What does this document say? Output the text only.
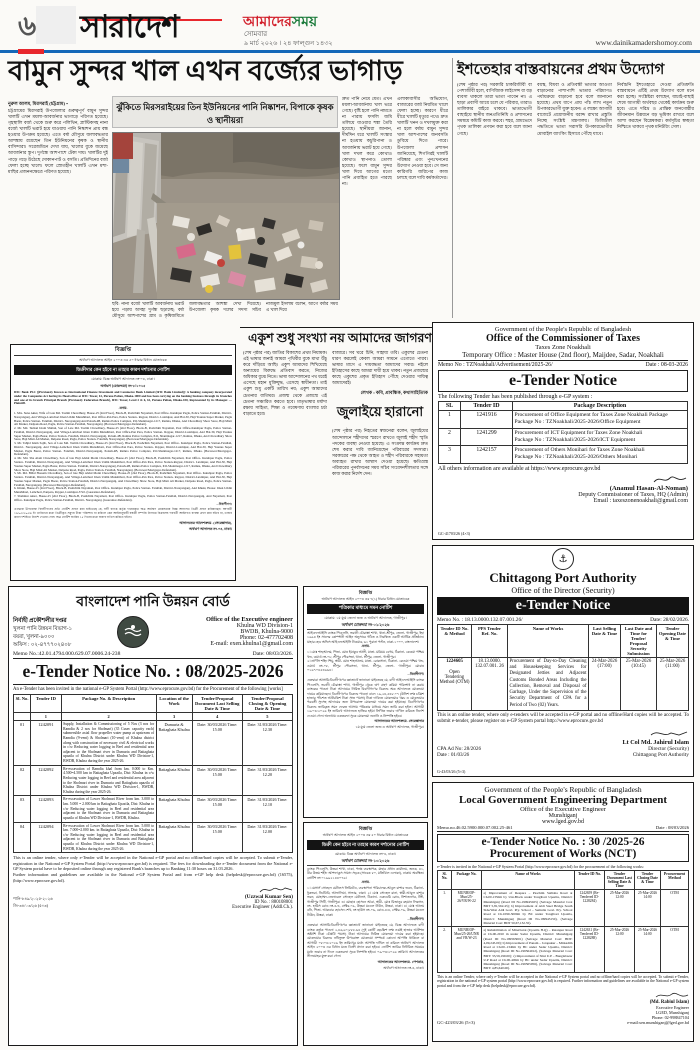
৬	সারাদেশ	আমাদেরসময়
সোমবার
৯ মার্চ ২০২৬ । ২৪ ফাল্গুন ১৪৩২	www.dainikamadershomoy.com
বামুন সুন্দর খাল এখন বর্জ্যের ভাগাড়
নুরুল আলম, মিরসরাই (চট্টগ্রাম) •
চট্টগ্রামের মিরসরাই উপজেলার গুরুত্বপূর্ণ বামুন সুন্দর খালটি এখন ময়লা-আবর্জনার ভাগাড়ে পরিণত হয়েছে। গৃহস্থালি বর্জ্য থেকে শুরু করে পলিথিন, প্লাস্টিকসহ নানা বর্জ্যে খালটি ভরাট হয়ে যাওয়ায় পানি নিষ্কাশন প্রায় বন্ধ হওয়ার উপক্রম হয়েছে। এতে বর্ষা মৌসুমে জলাবদ্ধতার আশঙ্কায় রয়েছেন তিন ইউনিয়নের কৃষক ও স্থানীয় বাসিন্দারা। সরেজমিনে দেখা যায়, খালের বুকে জমেছে আবর্জনার স্তূপ। দুর্গন্ধে আশপাশে টেকা দায়। খালটির দুই পাড়ে গড়ে উঠেছে দোকানপাট ও বসতি। প্রতিদিনের বর্জ্য ফেলা হচ্ছে খালে। ফলে স্রোতহীন খালটি এখন মশা-মাছির প্রজননক্ষেত্রে পরিণত হয়েছে।
ঝুঁকিতে মিরসরাইয়ের তিন ইউনিয়নের পানি নিষ্কাশন, বিপাকে কৃষক ও স্থানীয়রা
ছবি: নানা বর্জ্যে খালটি আবর্জনায় ভরাট হয়ে পড়ায় অসহ্য দুর্গন্ধ ছড়াচ্ছে; বর্ষা মৌসুমে আশপাশের গ্রাম ও কৃষিজমিতে জলাবদ্ধতার আশঙ্কা দেখা দিয়েছে। উপজেলা কৃষক দলের সদস্য সচিব নাজমুল ইসলাম বলেন, আগে বর্ষার সময় এ খাল দিয়ে
দ্রুত পানি নেমে যেত। এখন ময়লা-আবর্জনায় খাল ভরে গেছে। বৃষ্টি হলে পানি নামতে না পারায় ফসলি জমি তলিয়ে যাওয়ার শঙ্কা তৈরি হয়েছে। স্থানীয়রা জানান, দীর্ঘদিন ধরে খালটি সংস্কার না হওয়ায় কচুরিপানা ও আবর্জনায় ভরাট হয়ে গেছে। খাল দখল করে কোথাও কোথাও স্থাপনাও তোলা হয়েছে। ফলে বামুন সুন্দর খাল দিয়ে আগের মতো পানি প্রবাহিত হতে পারছে না।
এলাকাবাসীর অভিযোগ, বাজারের বর্জ্য নিয়মিত খালে ফেলা হচ্ছে। কারণে ধীরে ধীরে খালটি মৃত্যুর পথে। দ্রুত খালটি খনন ও দখলমুক্ত করা না হলে বর্ষায় বামুন সুন্দর খাল আশপাশের জনবসতি ডুবিয়ে দিতে পারে। উপজেলা প্রশাসন জানিয়েছে, শিগগিরই খালটি পরিষ্কার এবং পুনঃখননের উদ্যোগ নেওয়া হবে। সে জন্য কারিগরি জরিপের কাজ চলছে বলে দাবি কর্মকর্তাদের।
ইশতেহার বাস্তবায়নের প্রথম উদ্যোগ
(শেষ পৃষ্ঠার পর) সরকারি চাকরিজীবী বা পেশাজীবী হলে, বাণিজ্যিক লাইসেন্স বা বড় ব্যবসা থাকলে তারা ভাতা পাবেন না। এ ছাড়া প্রবাসী আয়ে চলে যে পরিবার, তারাও তালিকার বাইরে থাকবে। ভাতাভোগী বাছাইয়ে স্থানীয় জনপ্রতিনিধি ও প্রশাসনের সমন্বয়ে কমিটি কাজ করবে। শহর, গ্রামভেদে পৃথক তালিকা প্রণয়ন করা হবে বলে জানা গেছে।
বয়স্ক, বিধবা ও প্রতিবন্ধী ভাতার আওতা বাড়ানোর পাশাপাশি ভাতার পরিমাণও পর্যায়ক্রমে বাড়ানো হবে বলে জানানো হয়েছে। প্রথম ধাপে প্রায় পাঁচ লাখ নতুন উপকারভোগী যুক্ত হবেন। এ লক্ষ্যে আগামী বাজেটে প্রয়োজনীয় বরাদ্দ রাখার প্রস্তুতি নিচ্ছে সংশ্লিষ্ট মন্ত্রণালয়। ডিজিটাল পদ্ধতিতে ভাতা সরাসরি উপকারভোগীর মোবাইল ব্যাংকিং হিসাবে পৌঁছে যাবে।
নির্বাচনি ইশতেহারে দেওয়া প্রতিশ্রুতি বাস্তবায়নে এটিই প্রথম উদ্যোগ বলে মনে করা হচ্ছে। সংশ্লিষ্টরা বলছেন, যাচাই-বাছাই শেষে আগামী অর্থবছর থেকেই কার্যক্রম শুরু হবে। এতে দরিদ্র ও প্রান্তিক জনগোষ্ঠীর জীবনমান উন্নয়নে বড় ভূমিকা রাখবে বলে আশা করছেন বিশ্লেষকরা। কর্মসূচির স্বচ্ছতা নিশ্চিতে থাকবে পৃথক মনিটরিং সেল।
একুশ শুধু সংখ্যা নয় আমাদের জাগরণ
(শেষ পৃষ্ঠার পর) জাতির বিকাশের প্রথম নিয়ামক। এই ভাষার জন্যই আমরা পৃথিবীর বুকে মাথা উঁচু করে দাঁড়িয়ে আছি। একুশ আমাদের শিখিয়েছে অন্যায়ের বিরুদ্ধে প্রতিবাদ করতে, নিজের অধিকার বুঝে নিতে। ভাষা আন্দোলনের পথ ধরেই এসেছে মহান মুক্তিযুদ্ধ, এসেছে স্বাধীনতা। তাই একুশ শুধু একটি তারিখ নয়; একুশ আমাদের চেতনার বাতিঘর। প্রজন্ম থেকে প্রজন্মে এই চেতনা সঞ্চারিত করতে হবে। মাতৃভাষার মর্যাদা রক্ষায় সাহিত্য, শিক্ষা ও গবেষণায় বাংলার চর্চা বাড়াতে হবে।
বাজারে। সব ঘরে চিনি, সাহায্য তবি। একুশের চেতনা ধারণ করলেই কেবল আমরা সামনে এগোতে পারব। ভাষার মাসে এ দায়বদ্ধতা আমাদের সবার। নইলে ইতিহাসের কাছে আমরা দায়ী হয়ে থাকব। নতুন প্রজন্মের কাছে একুশের প্রকৃত ইতিহাস পৌঁছে দেওয়ার দায়িত্ব আমাদেরই।
লেখক : কবি, প্রাবন্ধিক, কথাসাহিত্যিক
জুলাইয়ে হারানো
(শেষ পৃষ্ঠার পর) নিহতের স্বজনেরা বলেন, জুলাইয়ের আন্দোলনে শহীদদের স্মরণে রাখতে জুলাই শহীদ স্মৃতি পদকের ব্যবস্থা নেওয়া হয়েছে। এ সংক্রান্ত কার্যক্রম দ্রুত শেষ করার দাবি জানিয়েছেন পরিবারের সদস্যরা। সরকারের পক্ষ থেকে আহত ও শহীদ পরিবারকে সহায়তা অব্যাহত রাখার আশ্বাস দেওয়া হয়েছে। ক্ষতিগ্রস্ত পরিবারের পুনর্বাসনের সময় সচিব সংবেদনশীলতার সঙ্গে কাজ করার নির্দেশ দেন।
বিজ্ঞপ্তি
অর্থঋণ আদালত আইন ২০০৩ এর ৫০ ধারার বিধান মোতাবেক
ডিক্রীদার কেন হইবে না তাহার কারণ দর্শানোর নোটিশ
মোকাম: বিজ্ঞ অর্থঋণ আদালত নং-০৪, ঢাকা।
অর্থঋণ (মোকদ্দমা) নং-৮/২০২৫
IFIC Bank PLC [(Previously Known as International Finance Investment and Commerce Bank Limited (IFIC Bank Limited)]: A banking company incorporated under the Companies Act having its Head office at IFIC Tower, 61, Purana Paltan, Dhaka-1000 and has been carrying on the banking business through its branches and one of its branch Principal Branch (Previously Federation Branch), IFIC Tower, Level 2 & 6, 61, Purana Paltan, Dhaka-100, Represented by its Manager. —Plaintiff.
-বনাম-
1. Mrs. Suna Akter, Wife of Late Md. Taslim Chowdhury, House-25 (2nd Floor), Block-B, Poshchim Nayamati, Post Office- Kutubpur Pagla, Police Station-Fatullah, District- Narayanganj, And Village-Lamchori Iman Uddin Munshibari, Post Office-Pan Para, Police Station- Raypur, District- Luxmipur, And Hal-30, Haji Younus Super Market, Pagla Bazar, Police Station- Fatullah, District- Narayanganj And Polash-4B, Ramna Police Complex, P.O-Shantinagar-1217, Ramna, Dhaka, And Chowdhury Show Store, Haji Misir Ali Market, Delpana Road, Pagla, Police Station-Fatullah, Narayanganj. (Borrower/Mortgagor-Defendant).
2. Mr. Md. Tarikul Islam Shimul, Son of Late Md. Taslim Chowdhury, House-25 (2nd Floor), Block-B, Poshchim Nayamati, Post Office-Kutubpur Pagla, Police Station- Fatullah, District-Narayanganj, And Village-Lamchori Iman Uddin Munshibari, Post Office-Pan Para, Police Station- Raypur, District-Luxmipur, And Hal-30, Haji Younus Super Market, Pagla Bazar, Police Station- Fatullah, District-Narayanganj, Polash-4B, Ramna Police Complex, P.O- Shantinagar-1217, Ramna, Dhaka, And Chowdhury Show Store, Haji Misir Ali Market, Delpana Road, Pagla, Police Station- Fatullah, Narayanganj. (Borrower/Mortgagor-Defendant).
3. Mr. Tahjid Islam Sajib, Son of Late Md. Taslim Chowdhury, House-25 (2nd Floor), Block-B, Poshchim Nayamati, Post Office- Kutubpur Pagla, Police Station-Fatullah, District- Narayanganj, And Village-Lamchori Iman Uddin Munshibari, Post Office-Pan Para, Police Station- Raypur, District-Luxmipur, And Hal-30, Haji Younus Super Market, Pagla Bazar, Police Station- Fatullah, District-Narayanganj, Polash-4B, Ramna Police Complex, P.O-Shantinagar-1217, Ramna, Dhaka. (Borrower/Mortgagor-Defendant).
4. Mr. Md. Sha Alam Chowdhury, Son of late Haji Abdul Motin Chowdhury, House-25 (2nd Floor), Block-B, Poshchim Nayamati, Post Office- Kutubpur Pagla, Police Station- Fatullah, District-Narayanganj, And Village-Lamchori Iman Uddin Munshibari, Post Office-Pan Para, Police Station-Raypur, District- Luxmipur, And Hal-30, Haji Younus Super Market, Pagla Bazar, Police Station- Fatullah, District-Narayanganj, Polash-4B, Ramna Police Complex, P.O-Shantinagar-1217, Ramna, Dhaka, And Chowdhury Show Store, Haji Misir Ali Market, Delpana Road, Pagla, Police Station- Fatullah, Narayanganj. (Borrower/Mortgagor-Defendant).
5. Mr. Md. Billal Hossain Chowdhury, Son of late Haji Abdul Motin Chowdhury, House-25 (2nd Floor), Block-B, Poshchim Nayamati, Post Office- Kutubpur Pagla, Police Station- Fatullah, District-Narayanganj, And Village-Lamchori Iman Uddin Munshibari, Post Office-Pan Para, Police Station- Raypur, District-Luxmipur, And Hal-30, Haji Younus Super Market, Pagla Bazar, Police Station-Fatullah, District-Narayanganj, And Chowdhury Show Store, Haji Misir Ali Market, Delpana Road, Pagla, Police Station- Fatullah, Narayanganj. (Borrower/Mortgagor-Defendant).
6. Khuki, House-25 (2nd Floor), Block-B, Poshchim Nayamati, Post Office- Kutubpur Pagla, Police Station- Fatullah, District-Narayanganj, And Khuki, House: Iman Uddin Munshibari, Lamchori, Panpara, Raypur, Luxmipur-3722. (Guarantor-Defendant).
7. Shahinur Akter, House-25 (2nd Floor), Block-B, Poshchim Nayamati, Post Office- Kutubpur Pagla, Police Station-Fatullah, District-Narayanganj, And Nayamati, Post Office- Kutubpur Pagla, Police Station-Fatullah, District- Narayanganj. (Guarantor-Defendant).
...বিবাদীগণ।
এতদ্বারা উপরোক্ত বিবাদীগণের প্রতি নোটিশ প্রদান করা যাইতেছে যে, বাদী ব্যাংক কর্তৃক দায়েরকৃত অত্র অর্থঋণ মোকদ্দমায় বিজ্ঞ আদালত ডিক্রী প্রদান করিয়াছেন। আগামী ১৯/০৩/২০২৬ ইং তারিখের মধ্যে ডিক্রীকৃত সমুদয় টাকা পরিশোধ না করিলে কেন আইনানুযায়ী বন্ধকী সম্পত্তি নিলামে বিক্রয়সহ পরবর্তী আইনগত ব্যবস্থা গ্রহণ করা হইবে না, তাহার কারণ দর্শাইতে নির্দেশ দেওয়া গেল। অত্র নোটিশ জারির ১৫ দিনের মধ্যে জবাব দাখিল করিতে হইবে।
আদালতের আদেশক্রমে- (সেরেস্তাদার),
অর্থঋণ আদালত নং-০৪, ঢাকা।
বাংলাদেশ পানি উন্নয়ন বোর্ড
নির্বাহী প্রকৌশলীর দপ্তর
খুলনা পানি উন্নয়ন বিভাগ-১
বয়রা, খুলনা-৯০০০
অফিস : ০২-৪৭৭৭০২৪০৮
Office of the Executive engineer
Khulna WD Division-1
BWDB, Khulna-9000
Phone: 02-477702408
E-mail: exen.khulna1@gmail.com
Memo No.:42.01.4794.000.629.07.0006.24-238	Date: 08/03/2026.
e-Tender Notice No. : 08/2025-2026
An e-Tender has been invited in the national e-GP System Portal (http://www.eprocure.gov.bd) for the Procurement of the following [works]
Sl. No.	Tender ID	Package No. & Description	Location of the Work	Tender/Proposal Document Last Selling Date & Time	Tender/Proposal Closing & Opening Date & Time
	1	2	3	4	5
01	1242091	Supply, Installation & Commissioning of 5 Nos (3 nos for Ramdia & 2 nos for Sholmari) (35 Cusec capacity each) submersible axial flow propeller water pump at upstream of Ramdia (9-vent) & Sholmari (10-vent) of Khulna district along with construction of necessary civil & electrical works in c/w Reducing water logging in Beel and residential area adjacent to the Sholmari river in Dumuria and Batiaghata upazila of Khulna District under Khulna WD Division-1, BWDB, Khulna during the year 2025-26.	Dumuria & Batiaghata Khulna	Date: 30/03/2026 Time: 15.00	Date: 31/03/2026 Time: 12.30
02	1242092	Re-excavation of Ramdia khal from km. 0.000 to Km. 4.500=4.500 km in Batiaghata Upazila, Dist: Khulna in c/w Reducing water logging in Beel and residential area adjacent to the Sholmari river in Dumuria and Batiaghata upazila of Khulna District under Khulna WD Division-1, BWDB, Khulna during the year 2025-26.	Batiaghata Khulna	Date: 30/03/2026 Time: 15.00	Date: 31/03/2026 Time: 12.20
03	1242093	Re-excavation of Lower Sholmari River from km. 3.000 to km. 5.000 = 2.000 km in Batiaghata Upazila, Dist: Khulna in c/w Reducing water logging in Beel and residential area adjacent to the Sholmari river in Dumuria and Batiaghata upazila of Khulna WD Division-1, BWDB, Khulna.	Batiaghata Khulna	Date: 30/03/2026 Time: 15.00	Date: 31/03/2026 Time: 12.10
04	1242094	Re-excavation of Lower Sholmari River from km. 5.000 to km. 7.000=2.000 km. in Batiaghata Upazila, Dist: Khulna in c/w Reducing water logging in Beel and residential area adjacent to the Sholmari river in Dumuria and Batiaghata upazila of Khulna District under Khulna WD Division-1, BWDB, Khulna during the year 2025-26.	Batiaghata Khulna	Date: 30/03/2026 Time: 15.00	Date: 31/03/2026 Time: 12.00
This is an online tender, where only e-Tender will be accepted in the National e-GP portal and no offline/hard copies will be accepted. To submit e-Tender, registration in the National e-GP System Portal (http://www.eprocure.gov.bd) is required. The fees for downloading the e-Tender document from the National e-GP System portal have to be deposited online through any registered Bank's branches up to Banking 11:30 hours on 31.03.2026.
Further information and guidelines are available in the National e-GP System Portal and from e-GP help desk (helpdesk@eprocure.gov.bd) (16575), (http://www.eprocure.gov.bd).
পানি-৮৪৯/২০২৫-২০২৬
জি-৩৪/০৩/২৬ (৫×৩)
(Uzzwal Kumar Sen)
ID No. : 880108001
Executive Engineer (Addl.Ch.).
বিজ্ঞপ্তি
অর্থঋণ আদালত আইন ২০০৩ এর ৭(১) ধারার বিধান মোতাবেক
পত্রিকার মাধ্যমে সমন নোটিশ
মোকাম: ১ম যুগ্ম জেলা জজ ও অর্থঋণ আদালত, গাজীপুর।
অর্থঋণ মোকদ্দমা নং-০১/২০২৬
আইএফআইসি ব্যাংক পিএলসি, ভবানী চৌরাস্তা শাখা, থানা-শ্রীপুর, জেলা- গাজীপুর, ইহা ১৯৯৪ ইং সালের কোম্পানী আইন অনুসারে গঠিত ও নিবন্ধিত একটি আর্থিক প্রতিষ্ঠান। যাহার হেড অফিস আইএফআইসি টাওয়ার, ৬১ পুরানা পল্টন, ঢাকা-১০০০, বাংলাদেশ।
-বনাম-
১। মোঃ শাহআলম, পিতা- মোঃ ইয়াকুব আলী, মাতা- মরিয়ম বেগম, ঠিকানা- কেওয়া পশ্চিম খন্ড, ওয়ার্ড নং-০৮, শ্রীপুর পৌরসভা, থানা- শ্রীপুর, জেলা- গাজীপুর।
২। নার্গিস শহিদ শিমু, স্বামী- মোঃ শাহআলম, মাতা- রোকসানা, ঠিকানা- কেওয়া পশ্চিম খন্ড, ওয়ার্ড নং-০৮, শ্রীপুর পৌরসভা, থানা- শ্রীপুর, জেলা- গাজীপুর। মোবাঃ ০১৬৭০৪৫৪৬৬৪।
...বিবাদীগণ।
এতদ্বারা আসামি/বিবাদীগণের জ্ঞাতার্থে জানানো যাইতেছে যে, বাদী আইএফআইসি ব্যাংক পিএলসি, ভবানী চৌরাস্তা শাখা, গাজীপুর থেকে ঋণ গ্রহণ করিয়া পরিশোধ না করায় ব্যাংকের পাওনা টাকা আদায়ের নিমিত্ত বিবাদীগণের বিরুদ্ধে অত্র আদালতে মোকদ্দমা দায়ের করিয়াছেন। বিবাদীগণের বিরুদ্ধে পাওনা বাবদ ১৯,২৪,৫৪৮.০৭ (উনিশ লক্ষ চব্বিশ হাজার পাঁচশত আটচল্লিশ টাকা সাত পয়সা) টাকা দাবিতে মোকদ্দমার খরচ ও মোকদ্দমার পরবর্তী সুদসহ আদায়ের জন্য উপরোক্ত মোকদ্দমা দায়ের করা হইয়াছে। বিবাদীগণের বিরুদ্ধে জারিকৃত সমন ফেরত আসায় পত্রিকার মাধ্যমে সমন জারি করা হইল। আগামী ১৯/০৪/২০২৬ ইং তারিখে আদালতে হাজির হইয়া লিখিত জবাব দাখিল করিতে নির্দেশ দেওয়া গেল। অন্যথায় একতরফা সূত্রে মোকদ্দমা শুনানি ও নিষ্পত্তি হইবে।
আদালতের আদেশক্রমে- সেরেস্তাদার
১ম যুগ্ম জেলা জজ ও অর্থঋণ আদালত, গাজীপুর।
বিজ্ঞপ্তি
অর্থঋণ আদালত আইন ২০০৩ এর ৫০ ধারার বিধান মোতাবেক
ডিক্রী কেন হইবে না তাহার কারণ দর্শানোর নোটিশ
মোকাম: বিজ্ঞ অর্থঋণ আদালত নং-৪, ঢাকা।
অর্থঋণ মোকদ্দমা নং-১০/২০২৬
ব্যাংক পিএলসি, উত্তরা শাখা, ঢাকা, পক্ষে ব্যবস্থাপক, যাহার প্রধান কার্যালয়, জনক, ৪১, বীর উত্তম শহীদ আশফাকুস সামাদ সড়ক (সাবেক ৮০, মতিঝিল এলাকা), ঢাকায় অবস্থিত। নোটিশ নং ০১৯৯২১৪৪০৭৬।
-বনাম-
১। মেসার্স সোহেল মেটালস লিমিটেড, ব্যবস্থাপনা পরিচালক-আবুল বাশার ভবন, ঠিকানা- ধুকভরা, নির্ববিবি, আফালিয়া, সাভার, ঢাকা। ২। মোঃ সোহেল রানা, স্বামী-আবুল বাশার ভবন, মোহাম্মদ-জেনারেল সোহেল মেটালস, ঠিকানা- একডেমি রোড, নিশাতনগর, টঙ্গী, গাজীপুর সিটি, গাজীপুর। ৩। মোছাঃ হোসনে আরা, স্বামী- মোঃ মিজানুর রহমান লিকসন, নং- হাউস রোড নং-৪/৪, সেক্টর-০৯, উত্তরা মডেল টাউন, উত্তরা, ঢাকা। ৪। মোঃ আলম বনি, পিতা- আকবার হোসেন শেখ, নং হাউস নং-০৬, রোড-৪/৪, সেক্টর-০৯, উত্তরা মডেল টাউন, উত্তরা, ঢাকা।
...বিবাদীগণ।
এতদ্বারা আসামি/বিবাদীগণের জ্ঞাতার্থে জানানো যাইতেছে যে, বিজ্ঞ আদালতে বাদী ব্যাংক কর্তৃক পাওনা ২,৪৬,৯০,৮৮৮.৬৪ (দুই কোটি ছেচল্লিশ লক্ষ নব্বই হাজার আটশত অষ্টাশি টাকা চৌষট্টি পয়সা) টাকা আদায়ের নিমিত্ত মোকদ্দমা দায়ের করা হইয়াছে। মোকদ্দমার বিরুদ্ধে নথিভুক্ত উপরোক্ত মোকদ্দমা সম্পর্কে কোনো আপত্তি থাকিলে বা আগামী ০৮/০৪/২০২৬ ইং তারিখের মধ্যে আপত্তি দাখিল না করিলে অর্থঋণ আদালত আইন ২০০৩ এর বিধান মতে ডিক্রী প্রদান করা হইবে। নোটিশ জারির নির্ধারিত সময়ের মধ্যে জবাব না দিলে একতরফা সূত্রে নিষ্পত্তি হইবে। ০৯/০৩/২০২৬ তারিখে আদালতের সীলমোহর যুক্ত করা গেল।
আদালতের আদেশক্রমে- পেশকার,
অর্থঋণ আদালত নং-৪, ঢাকা।
Government of the People's Republic of Bangladesh
Office of the Commissioner of Taxes
Taxes Zone Noakhali
Temporary Office : Master House (2nd floor), Maijdee, Sadar, Noakhali
Memo No : TZNoakhali/Advertisement/2025-26/	Date : 08-03-2026
e-Tender Notice
The following Tender has been published through e-GP system :
SL	Tender ID	Package Description
1	1241916	Procurement of Office Equipment for Taxes Zone Noakhali Package
Package No : TZNoakhali/2025-2026/Office Equipment

2	1241299	Procurement of ICT Equipment for Taxes Zone Noakhali
Package No : TZNoakhali/2025-2026/ICT Equipment

3	1242157	Procurement of Others Monihari for Taxes Zone Noakhali
Package No : TZNoakhali/2025-2026/Others Monihari
All others information are available at https://www.eprocure.gov.bd
(Anamul Hasan-Al-Noman)
Deputy Commissioner of Taxes, HQ (Admin)
Email : taxeszonenoakhali@gmail.com
GC-41703/26 (4×3)
⚓
Chittagong Port Authority
Office of the Director (Security)
e-Tender Notice
Memo No. : 18.13.0000.132.07.001.26/	Date: 28/02/2026.
Tender ID No. & Method	PPS Tender Ref. No.	Name of Works	Last Selling Date & Time	Last Date and Time for Tender/ Proposal Security Submission	Tender Opening Date & Time

1224605
Open Tendering Method (OTM)	18.13.0000. 132.07.001. 26	Procurement of Day-to-Day Cleaning and Housekeeping Services for Designated Jetties and Adjacent Customs Bonded Areas Including the Collection, Removal and Disposal of Garbage, Under the Supervision of the Security Department of CPA for a Period of Two (02) Years.	24-Mar-2026 (17:00)	25-Mar-2026 (10:45)	25-Mar-2026 (11:00)
This is an online tender, where only e-tenders will be accepted in e-GP portal and no offline/Hard copies will be accepted. To submit e-tender, please register on e-GP System portal http://www.eprocure.gov.bd
CPA Ad No: 28/2026
Date : 01/03/26
Lt Col Md. Jahirul Islam
Director (Security)
Chittagong Port Authority
G-43/03/26 (5×3)
Government of the People's Republic of Bangladesh
Local Government Engineering Department
Office of the Executive Engineer
Munshiganj
www.lged.gov.bd
Memo.no.46.02.5900.000.07.002.25-461	Date : 08/03/2026
e-Tender Notice No. : 30 /2025-26
Procurement of Works (NCT)
e-Tender is invited in the National e-GP System Portal (http://www.eprocure.gov.bd) for the procurement of the following works:
Sl. No.	Package No.	Name of Works	Tender ID No.	Tender Document Last Selling Date & Time	Tender Closing Date & Time	Procurement Method
1.	MUNRIOP-Mun/25-26/VR/W-22	a) Improvement of Reepara – Paschim Satlisha Road at Ch.00.1350m by Uni-Block under Tongibari Upazila, District: Munshiganj (Road ID No.199945025) (Salvage Material Cost BDT 5,81,562.43); b) Improvement of Aldi Steel Bridge South Side/West Aldi Govt. Pry. School – Semulia Govt. Pry. School Road at Ch.1090-3000m by BC under Tongibari Upazila, District: Munshiganj (Road ID No.199943150), (Salvage Material Cost: BDT 50,67,132.55).	1242659 (Re-Tendered ID-1228284)	25-Mar-2026 12:00	25-Mar-2026 14:00	OTM
2.	MUNRIOP-Mun/25-26/UNR and VR/W-23	a) Rehabilitation of Mirerbarai (Upazila H.Q) – Ratanpur Road at Ch.00-2010 m under Sadar Upazila, District: Munshiganj (Road ID No.199563001) (Salvage Material Cost: BDT: 4,09,245.00); b) Improvement of Panam – Jorapukur – Mirkadim Road at Ch.00–1340m by BC under Sadar Upazila, District: Munshiganj (Road ID No.199564012), (Salvage Material Cost: BDT: 33,59,199.00); c) Improvement of Silai U.P – Banglabazar U.P Road at Ch.00-400m by BC under Sadar Upazila, District: Munshiganj (Road ID No.199565056), (Salvage Material Cost: BDT: 4,85,640.00).	1242631 (Re-Tendered ID-1228288)	25-Mar-2026 12:00	25-Mar-2026 14:00	OTM
This is an online Tender, where only e-Tender will be accepted in the National e-GP System portal and no offline/hard copies will be accepted. To submit e-Tender, registration in the national e-GP system portal (http://www.eprocure.gov.bd) is required. Further information and guidelines are available in the National e-GP system portal and from the e-GP help desk (helpdesk@eprocure.gov.bd).
GC-423/03/26 (5×3)
(Md. Rabiul Islam)
Executive Engineer
LGED, Munshiganj
Phone: 02-998847104
e-mail:xen.munshiganj@lged.gov.bd
